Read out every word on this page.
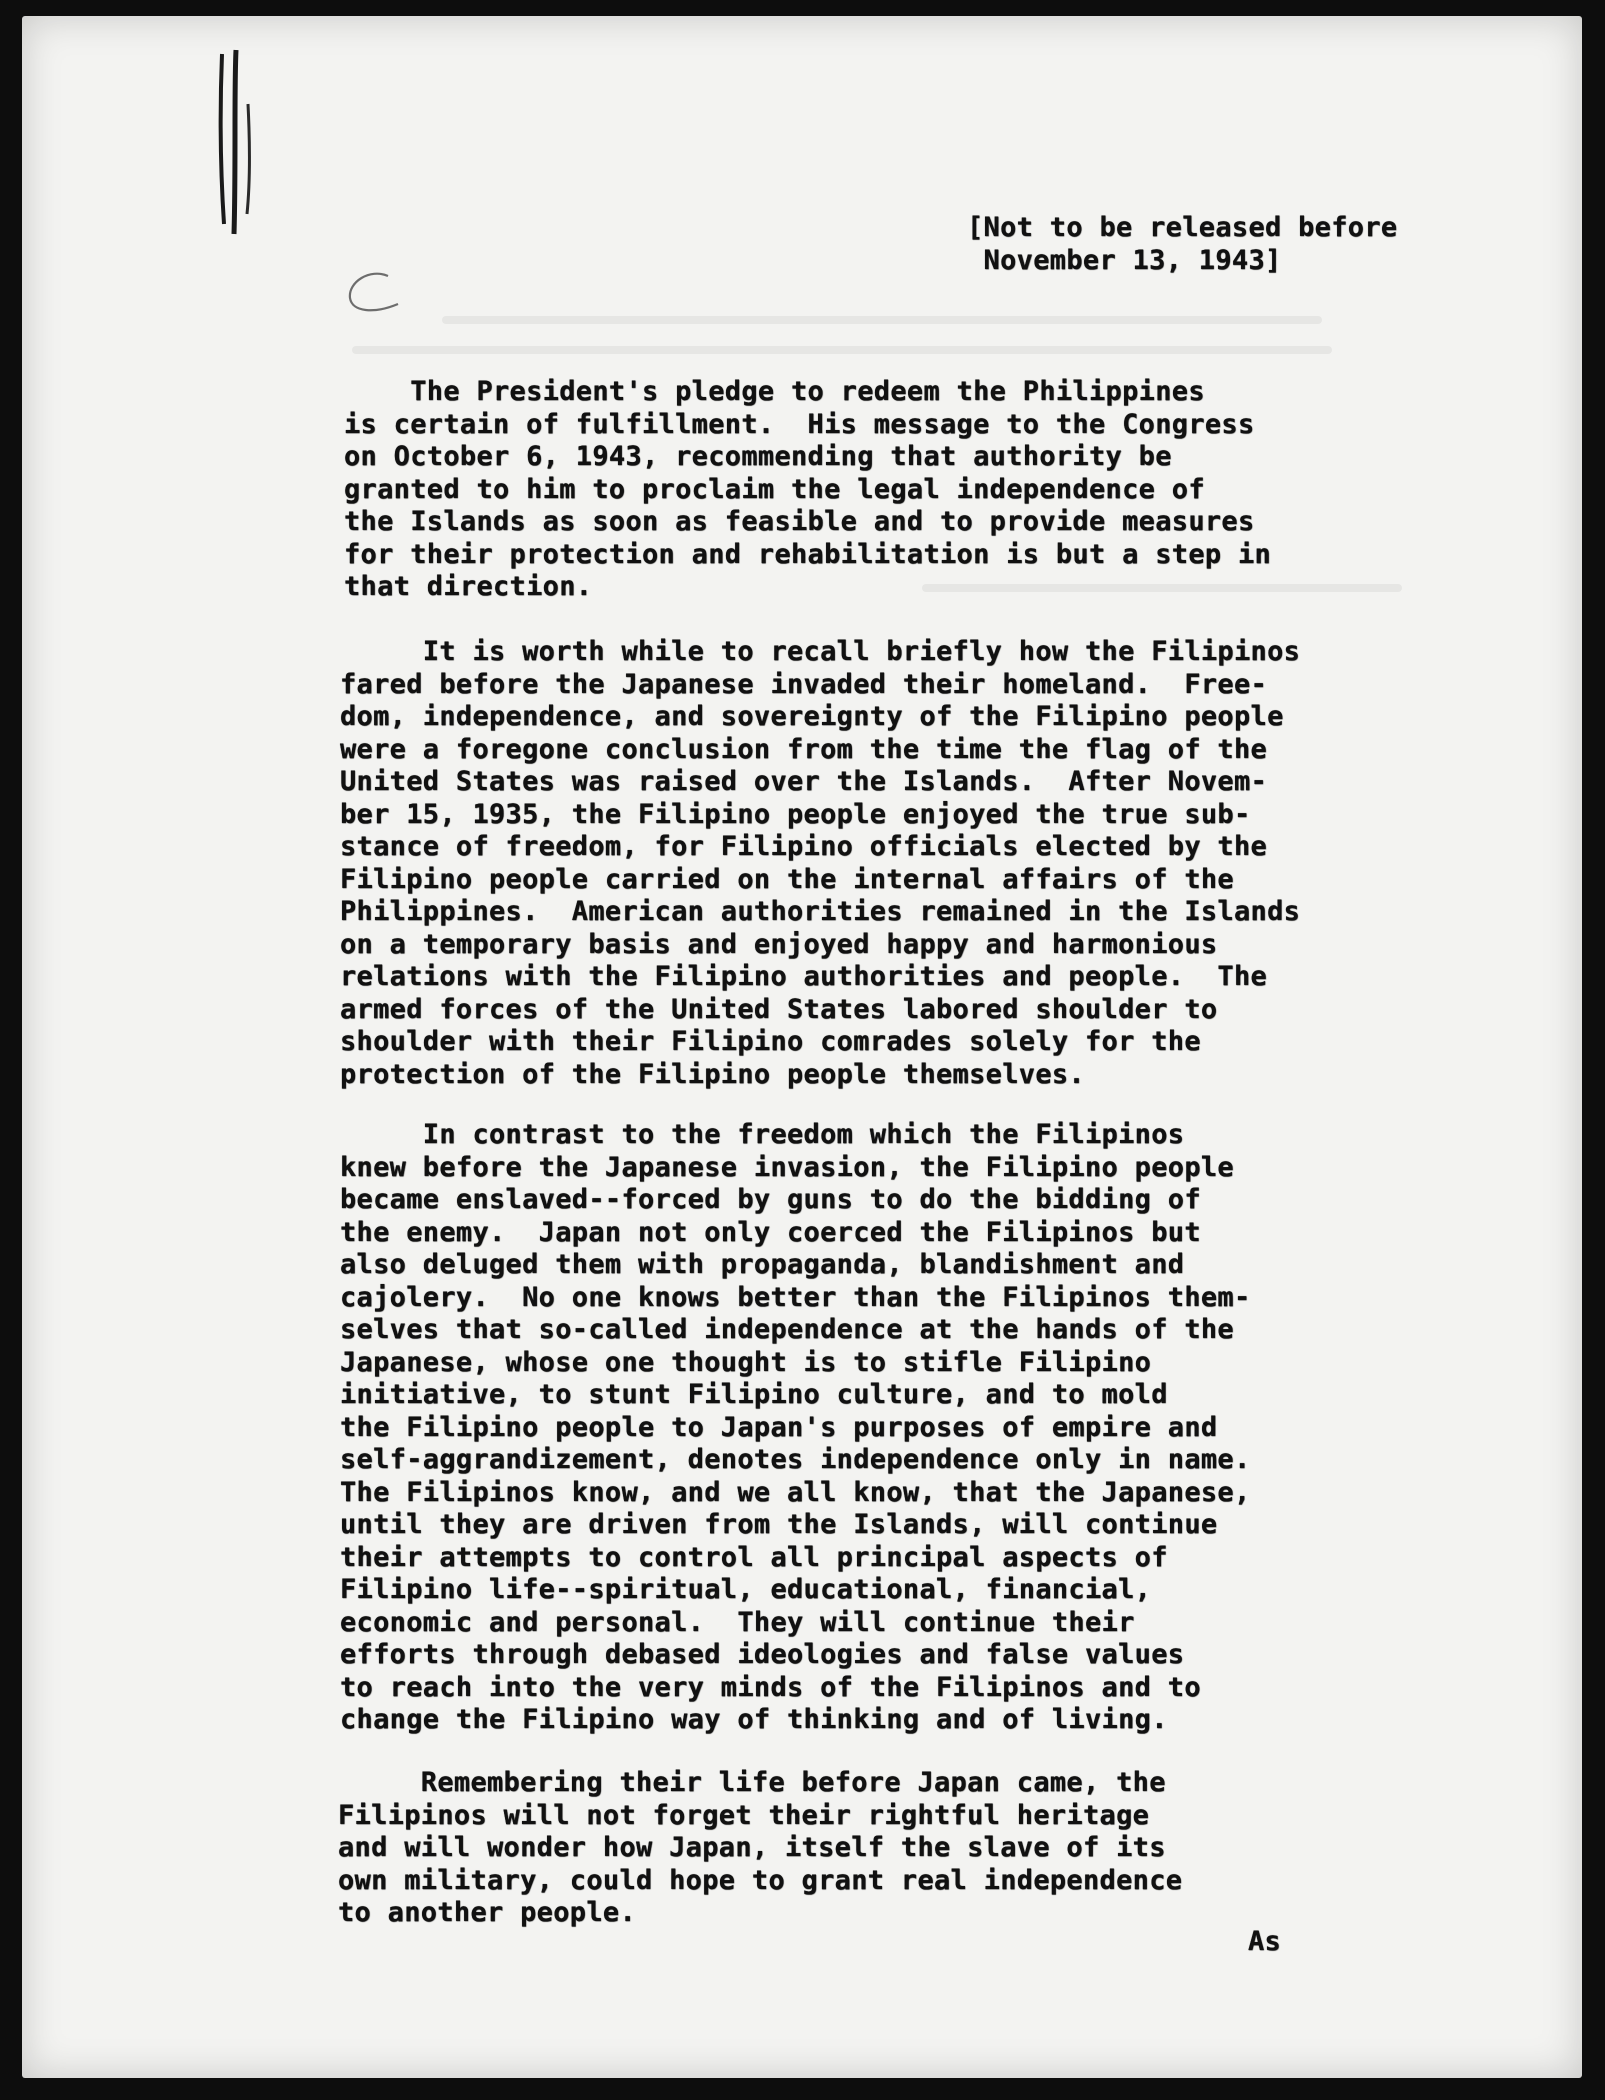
[Not to be released before
November 13, 1943]
The President's pledge to redeem the Philippines
is certain of fulfillment.  His message to the Congress
on October 6, 1943, recommending that authority be
granted to him to proclaim the legal independence of
the Islands as soon as feasible and to provide measures
for their protection and rehabilitation is but a step in
that direction.
It is worth while to recall briefly how the Filipinos
fared before the Japanese invaded their homeland.  Free-
dom, independence, and sovereignty of the Filipino people
were a foregone conclusion from the time the flag of the
United States was raised over the Islands.  After Novem-
ber 15, 1935, the Filipino people enjoyed the true sub-
stance of freedom, for Filipino officials elected by the
Filipino people carried on the internal affairs of the
Philippines.  American authorities remained in the Islands
on a temporary basis and enjoyed happy and harmonious
relations with the Filipino authorities and people.  The
armed forces of the United States labored shoulder to
shoulder with their Filipino comrades solely for the
protection of the Filipino people themselves.
In contrast to the freedom which the Filipinos
knew before the Japanese invasion, the Filipino people
became enslaved--forced by guns to do the bidding of
the enemy.  Japan not only coerced the Filipinos but
also deluged them with propaganda, blandishment and
cajolery.  No one knows better than the Filipinos them-
selves that so-called independence at the hands of the
Japanese, whose one thought is to stifle Filipino
initiative, to stunt Filipino culture, and to mold
the Filipino people to Japan's purposes of empire and
self-aggrandizement, denotes independence only in name.
The Filipinos know, and we all know, that the Japanese,
until they are driven from the Islands, will continue
their attempts to control all principal aspects of
Filipino life--spiritual, educational, financial,
economic and personal.  They will continue their
efforts through debased ideologies and false values
to reach into the very minds of the Filipinos and to
change the Filipino way of thinking and of living.
Remembering their life before Japan came, the
Filipinos will not forget their rightful heritage
and will wonder how Japan, itself the slave of its
own military, could hope to grant real independence
to another people.
As
